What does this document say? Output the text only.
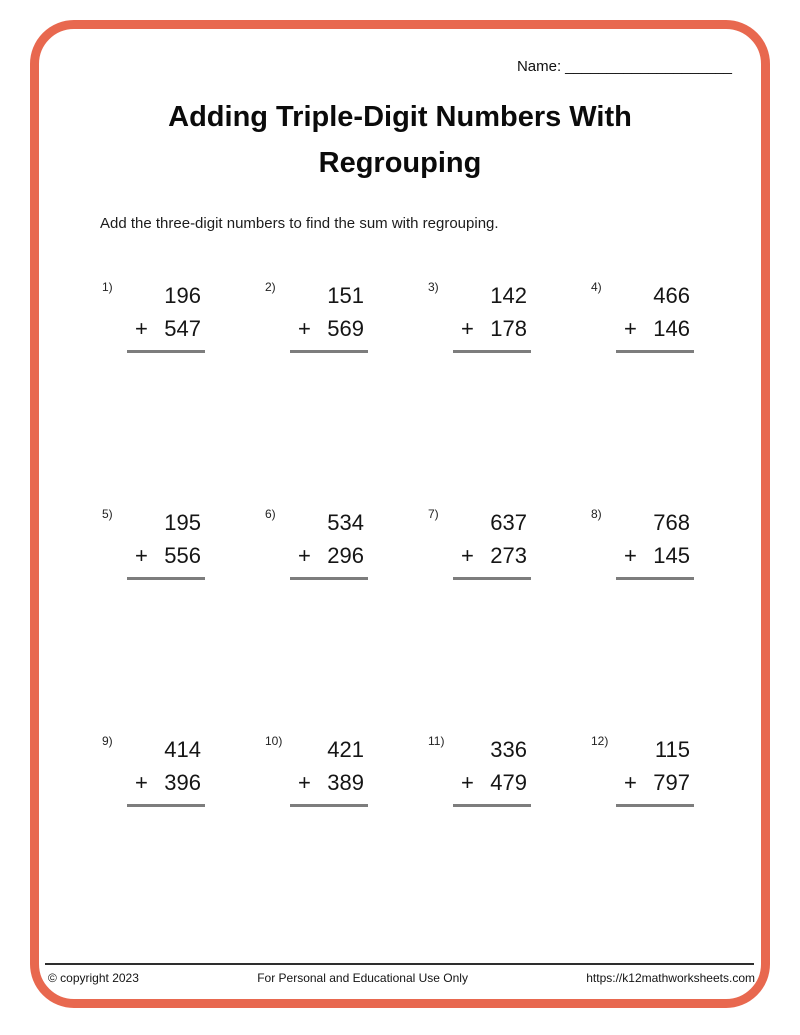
Name: ____________________
Adding Triple-Digit Numbers With
Regrouping

Add the three-digit numbers to find the sum with regrouping.

1)	196
+ 547
2)	151
+ 569
3)	142
+ 178
4)	466
+ 146
5)	195
+ 556
6)	534
+ 296
7)	637
+ 273
8)	768
+ 145
9)	414
+ 396
10)	421
+ 389
11)	336
+ 479
12)	115
+ 797
© copyright 2023	For Personal and Educational Use Only	https://k12mathworksheets.com
